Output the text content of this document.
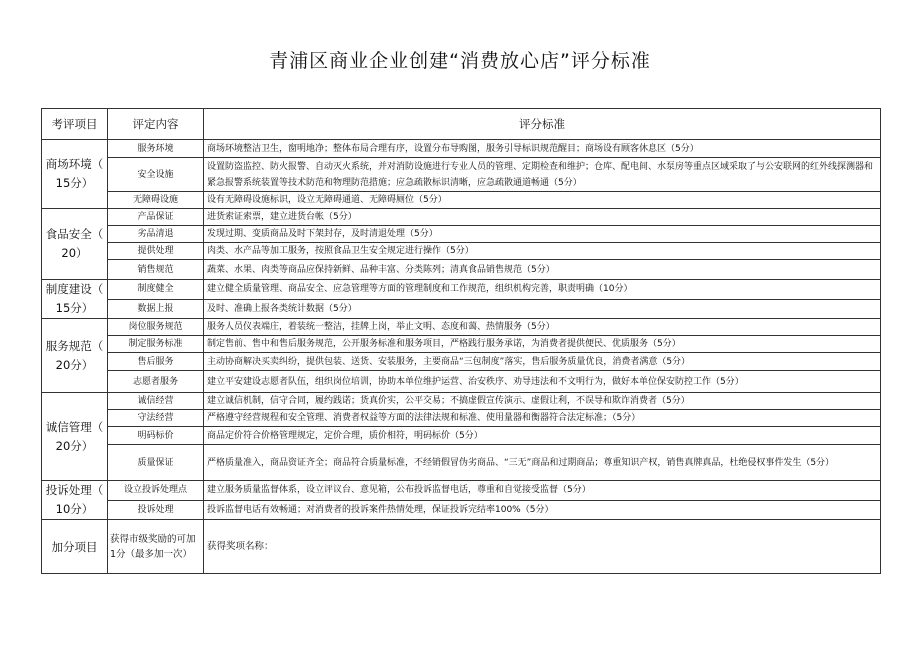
青浦区商业企业创建“消费放心店”评分标准
考评项目	评定内容	评分标准

商场环境（
15分）	服务环境	商场环境整洁卫生，窗明地净；整体布局合理有序，设置分布导购图，服务引导标识规范醒目；商场设有顾客休息区（5分）
	安全设施	设置防盗监控、防火报警、自动灭火系统，并对消防设施进行专业人员的管理、定期检查和维护；仓库、配电间、水泵房等重点区域采取了与公安联网的红外线探测器和紧急报警系统装置等技术防范和物理防范措施；应急疏散标识清晰，应急疏散通道畅通（5分）
	无障碍设施	设有无障碍设施标识，设立无障碍通道、无障碍厕位（5分）

食品安全（
20）	产品保证	进货索证索票，建立进货台帐（5分）
	劣品清退	发现过期、变质商品及时下架封存，及时清退处理（5分）
	提供处理	肉类、水产品等加工服务，按照食品卫生安全规定进行操作（5分）
	销售规范	蔬菜、水果、肉类等商品应保持新鲜、品种丰富、分类陈列；清真食品销售规范（5分）

制度建设（
15分）	制度健全	建立健全质量管理、商品安全、应急管理等方面的管理制度和工作规范，组织机构完善，职责明确（10分）
	数据上报	及时、准确上报各类统计数据（5分）

服务规范（
20分）	岗位服务规范	服务人员仪表端庄，着装统一整洁，挂牌上岗，举止文明、态度和蔼、热情服务（5分）
	制定服务标准	制定售前、售中和售后服务规范，公开服务标准和服务项目，严格践行服务承诺，为消费者提供便民、优质服务（5分）
	售后服务	主动协商解决买卖纠纷，提供包装、送货、安装服务，主要商品“三包制度”落实，售后服务质量优良，消费者满意（5分）
	志愿者服务	建立平安建设志愿者队伍，组织岗位培训，协助本单位维护运营、治安秩序、劝导违法和不文明行为，做好本单位保安防控工作（5分）

诚信管理（
20分）	诚信经营	建立诚信机制，信守合同，履约践诺；货真价实，公平交易；不搞虚假宣传演示、虚假让利，不误导和欺诈消费者（5分）
	守法经营	严格遵守经营规程和安全管理、消费者权益等方面的法律法规和标准、使用量器和衡器符合法定标准；（5分）
	明码标价	商品定价符合价格管理规定，定价合理，质价相符，明码标价（5分）
	质量保证	严格质量准入，商品资证齐全；商品符合质量标准，不经销假冒伪劣商品、“三无”商品和过期商品；尊重知识产权，销售真牌真品，杜绝侵权事件发生（5分）

投诉处理（
10分）	设立投诉处理点	建立服务质量监督体系，设立评议台、意见箱，公布投诉监督电话，尊重和自觉接受监督（5分）
	投诉处理	投诉监督电话有效畅通；对消费者的投诉案件热情处理，保证投诉完结率100%（5分）
加分项目	获得市级奖励的可加1分（最多加一次）	获得奖项名称：
